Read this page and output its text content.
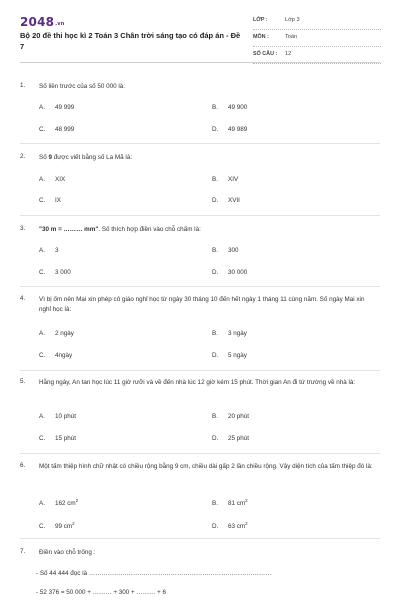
2048.vn
Bộ 20 đề thi học kì 2 Toán 3 Chân trời sáng tạo có đáp án - Đề 7
LỚP :	Lớp 3
MÔN :	Toán
SỐ CÂU : 12
1. Số liền trước của số 50 000 là:
A. 49 999	B. 49 900
C. 48 999	D. 49 989
2. Số 9 được viết bằng số La Mã là:
A. XIX	B. XIV
C. IX	D. XVII
3. "30 m = ……… mm". Số thích hợp điền vào chỗ chấm là:
A. 3	B. 300
C. 3 000	D. 30 000
4. Vì bị ốm nên Mai xin phép cô giáo nghỉ học từ ngày 30 tháng 10 đến hết ngày 1 tháng 11 cùng năm. Số ngày Mai xin nghỉ học là:
A. 2 ngày	B. 3 ngày
C. 4ngày	D. 5 ngày
5. Hằng ngày, An tan học lúc 11 giờ rưỡi và về đến nhà lúc 12 giờ kém 15 phút. Thời gian An đi từ trường về nhà là:
A. 10 phút	B. 20 phút
C. 15 phút	D. 25 phút
6. Một tấm thiệp hình chữ nhật có chiều rộng bằng 9 cm, chiều dài gấp 2 lần chiều rộng. Vậy diện tích của tấm thiệp đó là:
A. 162 $cm^2$	B. 81 $cm^2$
C. 99 $cm^2$	D. 63 $cm^2$
7. Điền vào chỗ trống :
- Số 44 444 đọc là ……………………………………………………………………………
- 52 376 = 50 000 + ……… + 300 + ……… + 6
